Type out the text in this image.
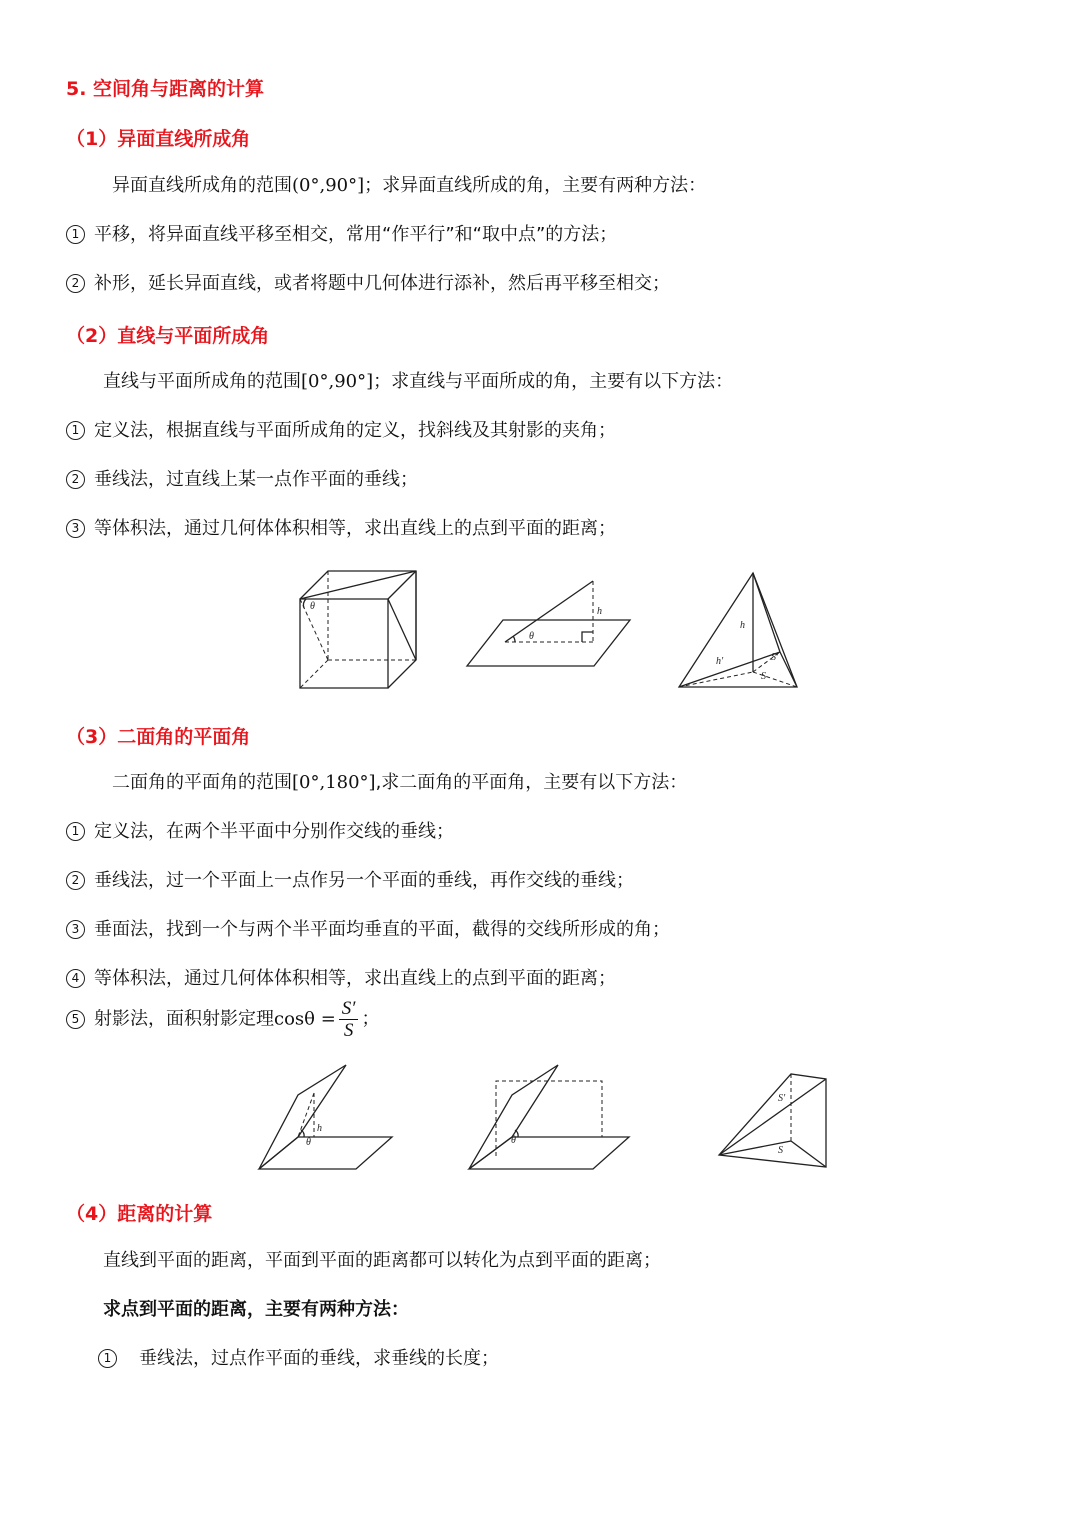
5. 空间角与距离的计算
（1）异面直线所成角
异面直线所成角的范围(0°,90°]；求异面直线所成的角，主要有两种方法：
1 平移，将异面直线平移至相交，常用“作平行”和“取中点”的方法；
2 补形，延长异面直线，或者将题中几何体进行添补，然后再平移至相交；
（2）直线与平面所成角
直线与平面所成角的范围[0°,90°]；求直线与平面所成的角，主要有以下方法：
1 定义法，根据直线与平面所成角的定义，找斜线及其射影的夹角；
2 垂线法，过直线上某一点作平面的垂线；
3 等体积法，通过几何体体积相等，求出直线上的点到平面的距离；
θ
θ
h
h
h′	S′
S
（3）二面角的平面角
二面角的平面角的范围[0°,180°],求二面角的平面角，主要有以下方法：
1 定义法，在两个半平面中分别作交线的垂线；
2 垂线法，过一个平面上一点作另一个平面的垂线，再作交线的垂线；
3 垂面法，找到一个与两个半平面均垂直的平面，截得的交线所形成的角；
4 等体积法，通过几何体体积相等，求出直线上的点到平面的距离；
5 射影法，面积射影定理$\cos\theta = \frac{S'}{S}$ ；
h
θ	θ
S′
S
（4）距离的计算
直线到平面的距离，平面到平面的距离都可以转化为点到平面的距离；
求点到平面的距离，主要有两种方法：
1 垂线法，过点作平面的垂线，求垂线的长度；
